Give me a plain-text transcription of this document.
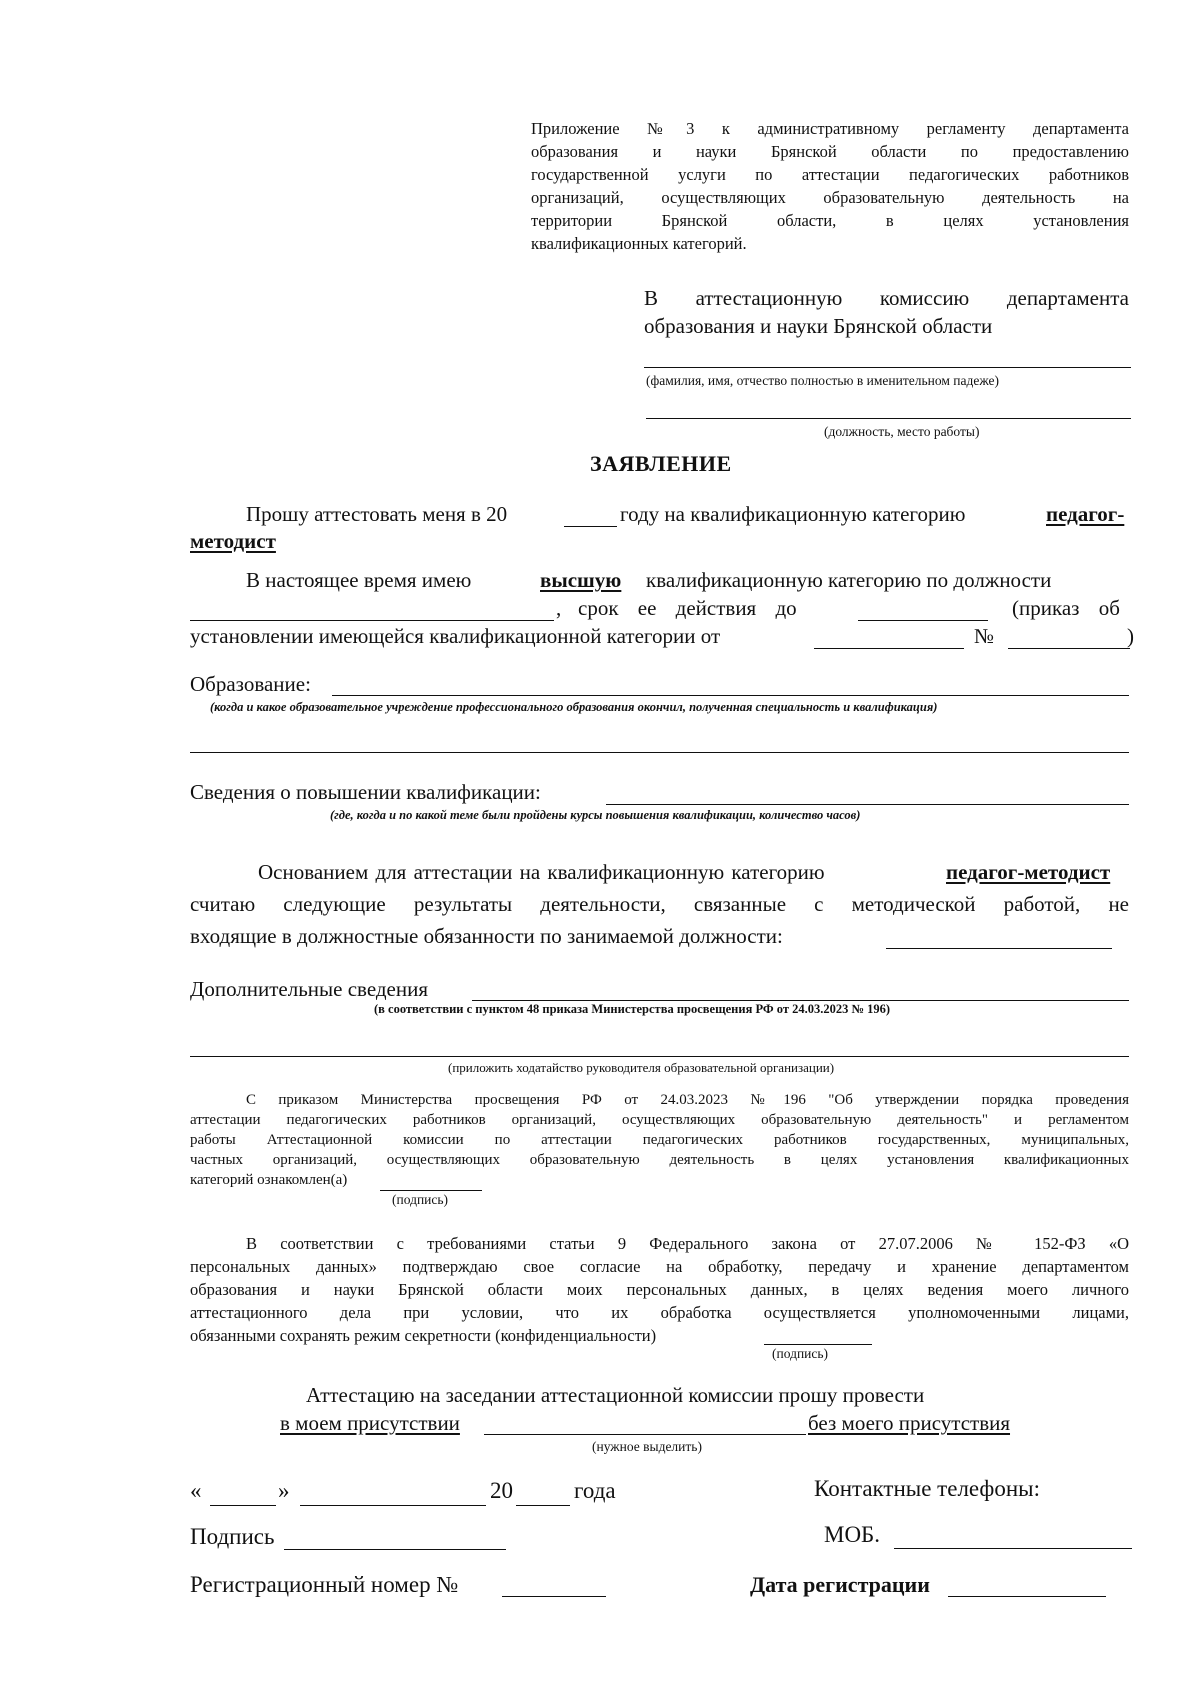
Приложение №3 к административному регламенту департамента
образования и науки Брянской области по предоставлению
государственной услуги по аттестации педагогических работников
организаций, осуществляющих образовательную деятельность на
территории Брянской области, в целях установления
квалификационных категорий.
В аттестационную комиссию департамента
образования и науки Брянской области
(фамилия, имя, отчество полностью в именительном падеже)
(должность, место работы)
ЗАЯВЛЕНИЕ
Прошу аттестовать меня в 20	году на квалификационную категорию	педагог-
методист
В настоящее время имею	высшую квалификационную категорию по должности
, срок ее действия до	(приказ об
установлении имеющейся квалификационной категории от	№	)
Образование:
(когда и какое образовательное учреждение профессионального образования окончил, полученная специальность и квалификация)
Сведения о повышении квалификации:
(где, когда и по какой теме были пройдены курсы повышения квалификации, количество часов)
Основанием для аттестации на квалификационную категорию	педагог-методист
считаю следующие результаты деятельности, связанные с методической работой, не
входящие в должностные обязанности по занимаемой должности:
Дополнительные сведения
(в соответствии с пунктом 48 приказа Министерства просвещения РФ от 24.03.2023 № 196)
(приложить ходатайство руководителя образовательной организации)
С приказом Министерства просвещения РФ от 24.03.2023 №196 "Об утверждении порядка проведения
аттестации педагогических работников организаций, осуществляющих образовательную деятельность" и регламентом
работы Аттестационной комиссии по аттестации педагогических работников государственных, муниципальных,
частных организаций, осуществляющих образовательную деятельность в целях установления квалификационных
категорий ознакомлен(а)
(подпись)
В соответствии с требованиями статьи 9 Федерального закона от 27.07.2006 № 152-ФЗ «О
персональных данных» подтверждаю свое согласие на обработку, передачу и хранение департаментом
образования и науки Брянской области моих персональных данных, в целях ведения моего личного
аттестационного дела при условии, что их обработка осуществляется уполномоченными лицами,
обязанными сохранять режим секретности (конфиденциальности)
(подпись)
Аттестацию на заседании аттестационной комиссии прошу провести
в моем присутствии	без моего присутствия
(нужное выделить)
«	»	20	года	Контактные телефоны:
Подпись	МОБ.
Регистрационный номер №	Дата регистрации
